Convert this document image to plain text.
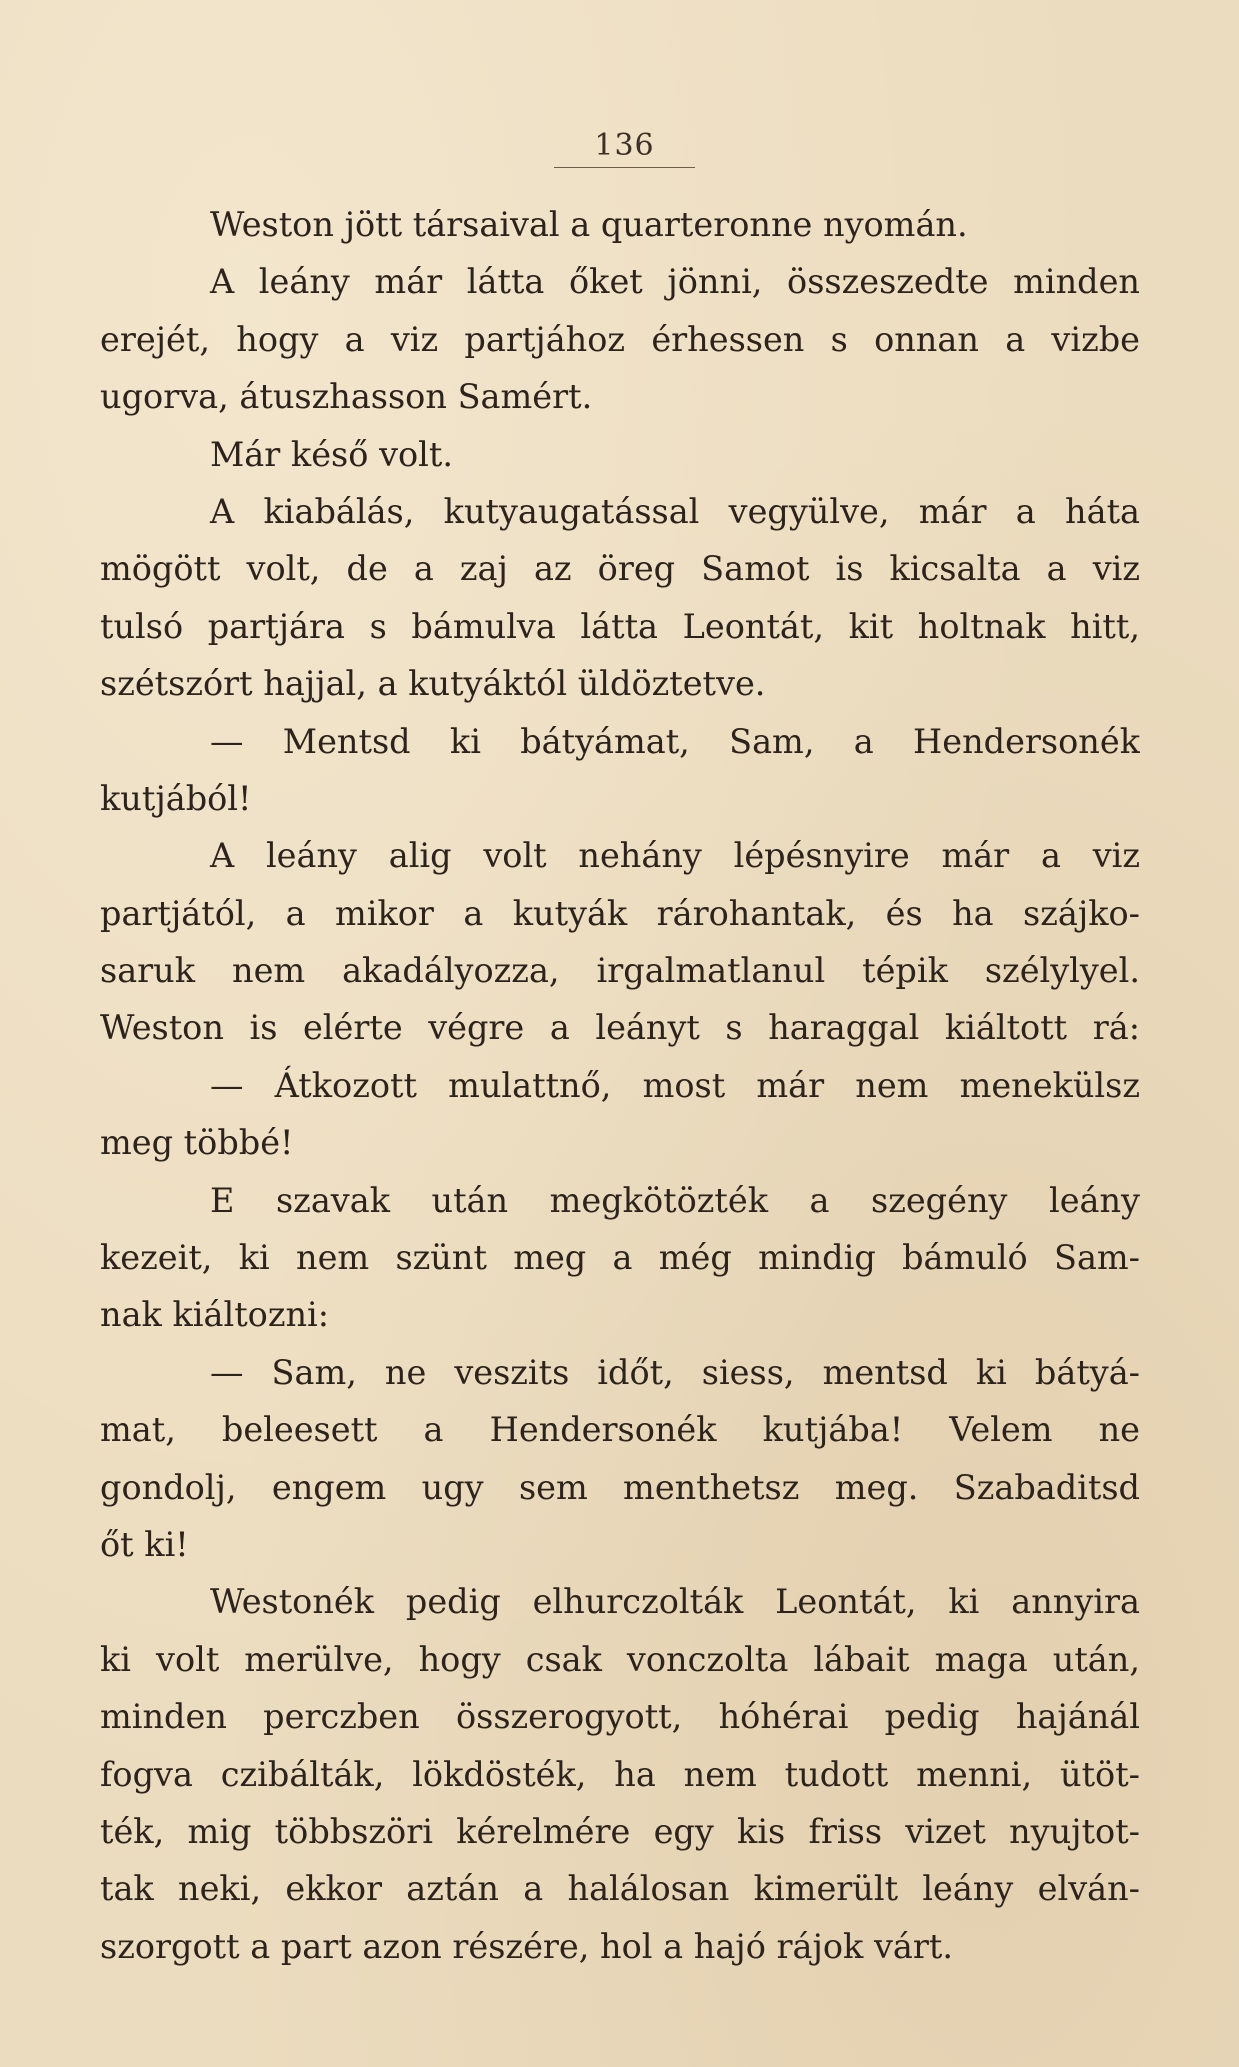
136
Weston jött társaival a quarteronne nyomán.
A leány már látta őket jönni, összeszedte minden
erejét, hogy a viz partjához érhessen s onnan a vizbe
ugorva, átuszhasson Samért.
Már késő volt.
A kiabálás, kutyaugatással vegyülve, már a háta
mögött volt, de a zaj az öreg Samot is kicsalta a viz
tulsó partjára s bámulva látta Leontát, kit holtnak hitt,
szétszórt hajjal, a kutyáktól üldöztetve.
— Mentsd ki bátyámat, Sam, a Hendersonék
kutjából!
A leány alig volt nehány lépésnyire már a viz
partjától, a mikor a kutyák rárohantak, és ha szájko-
saruk nem akadályozza, irgalmatlanul tépik szélylyel.
Weston is elérte végre a leányt s haraggal kiáltott rá:
— Átkozott mulattnő, most már nem menekülsz
meg többé!
E szavak után megkötözték a szegény leány
kezeit, ki nem szünt meg a még mindig bámuló Sam-
nak kiáltozni:
— Sam, ne veszits időt, siess, mentsd ki bátyá-
mat, beleesett a Hendersonék kutjába! Velem ne
gondolj, engem ugy sem menthetsz meg. Szabaditsd
őt ki!
Westonék pedig elhurczolták Leontát, ki annyira
ki volt merülve, hogy csak vonczolta lábait maga után,
minden perczben összerogyott, hóhérai pedig hajánál
fogva czibálták, lökdösték, ha nem tudott menni, ütöt-
ték, mig többszöri kérelmére egy kis friss vizet nyujtot-
tak neki, ekkor aztán a halálosan kimerült leány elván-
szorgott a part azon részére, hol a hajó rájok várt.
